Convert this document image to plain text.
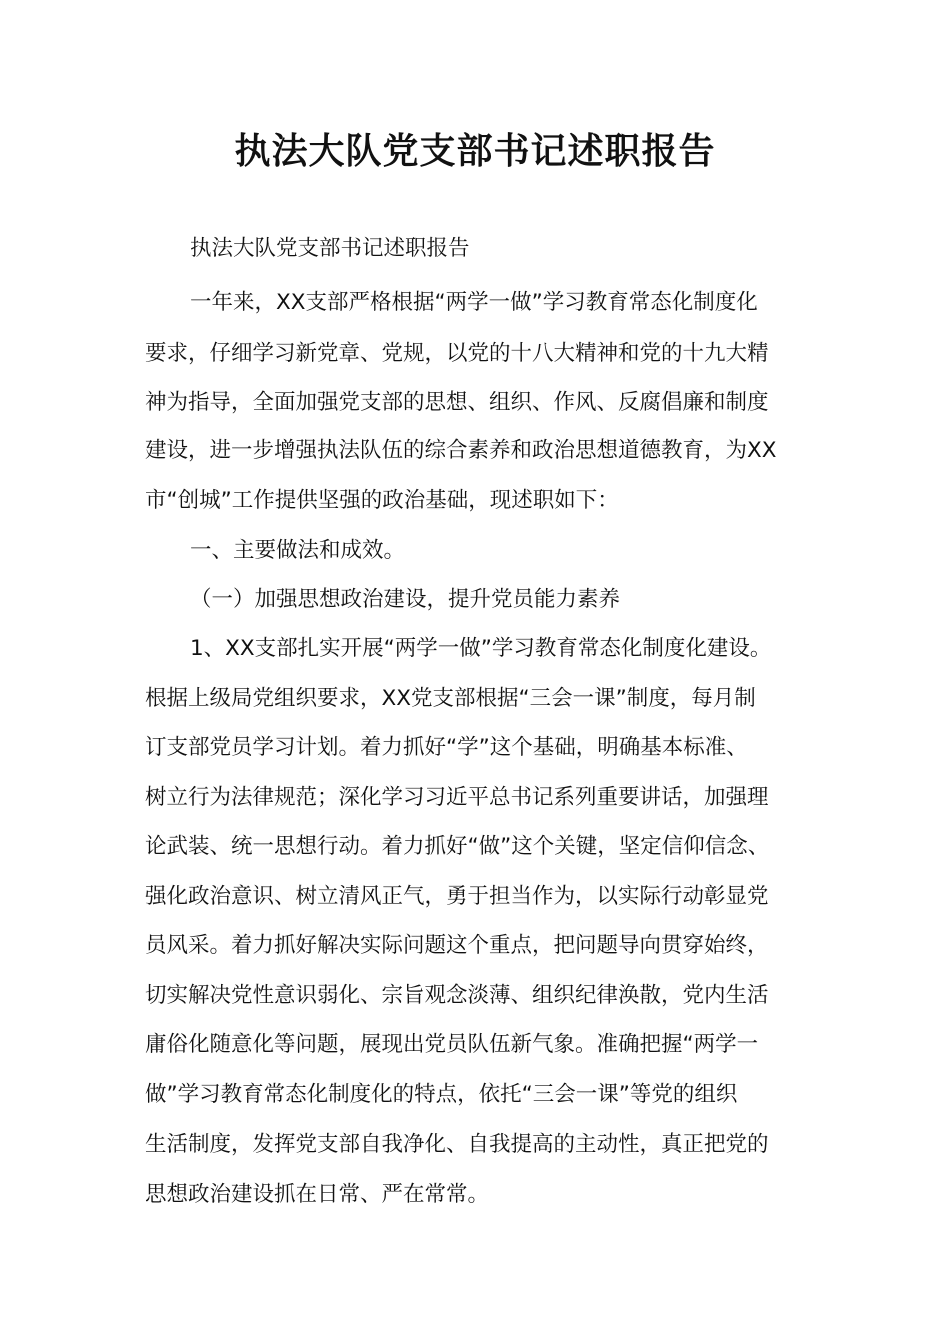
执法大队党支部书记述职报告
执法大队党支部书记述职报告
一年来，XX支部严格根据“两学一做”学习教育常态化制度化
要求，仔细学习新党章、党规，以党的十八大精神和党的十九大精
神为指导，全面加强党支部的思想、组织、作风、反腐倡廉和制度
建设，进一步增强执法队伍的综合素养和政治思想道德教育，为XX
市“创城”工作提供坚强的政治基础，现述职如下：
一、主要做法和成效。
（一）加强思想政治建设，提升党员能力素养
1、XX支部扎实开展“两学一做”学习教育常态化制度化建设。
根据上级局党组织要求，XX党支部根据“三会一课”制度，每月制
订支部党员学习计划。着力抓好“学”这个基础，明确基本标准、
树立行为法律规范；深化学习习近平总书记系列重要讲话，加强理
论武装、统一思想行动。着力抓好“做”这个关键，坚定信仰信念、
强化政治意识、树立清风正气，勇于担当作为，以实际行动彰显党
员风采。着力抓好解决实际问题这个重点，把问题导向贯穿始终，
切实解决党性意识弱化、宗旨观念淡薄、组织纪律涣散，党内生活
庸俗化随意化等问题，展现出党员队伍新气象。准确把握“两学一
做”学习教育常态化制度化的特点，依托“三会一课”等党的组织
生活制度，发挥党支部自我净化、自我提高的主动性，真正把党的
思想政治建设抓在日常、严在常常。
